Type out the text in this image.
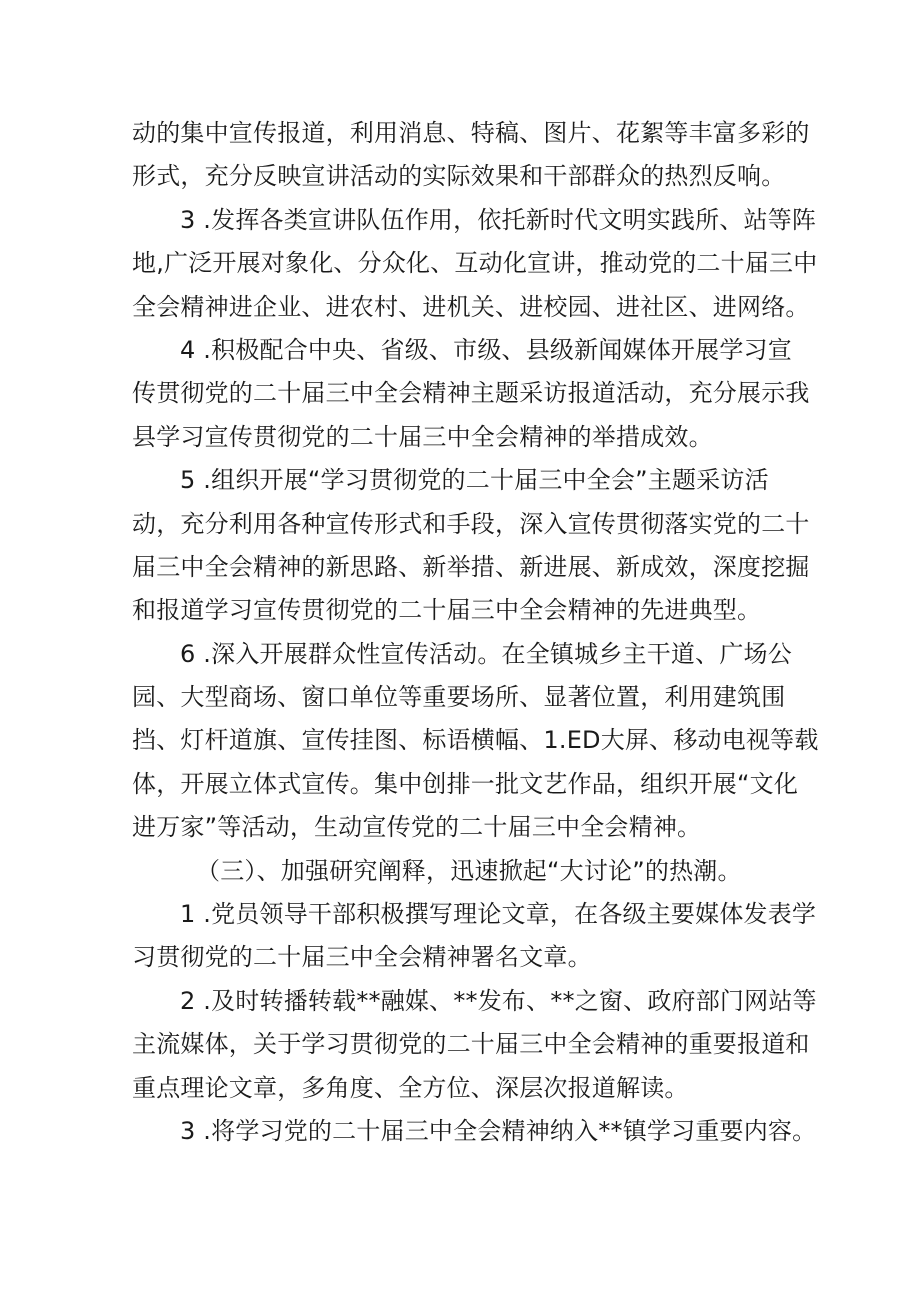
动的集中宣传报道，利用消息、特稿、图片、花絮等丰富多彩的
形式，充分反映宣讲活动的实际效果和干部群众的热烈反响。
3 .发挥各类宣讲队伍作用，依托新时代文明实践所、站等阵
地,广泛开展对象化、分众化、互动化宣讲，推动党的二十届三中
全会精神进企业、进农村、进机关、进校园、进社区、进网络。
4 .积极配合中央、省级、市级、县级新闻媒体开展学习宣
传贯彻党的二十届三中全会精神主题采访报道活动，充分展示我
县学习宣传贯彻党的二十届三中全会精神的举措成效。
5 .组织开展“学习贯彻党的二十届三中全会”主题采访活
动，充分利用各种宣传形式和手段，深入宣传贯彻落实党的二十
届三中全会精神的新思路、新举措、新进展、新成效，深度挖掘
和报道学习宣传贯彻党的二十届三中全会精神的先进典型。
6 .深入开展群众性宣传活动。在全镇城乡主干道、广场公
园、大型商场、窗口单位等重要场所、显著位置，利用建筑围
挡、灯杆道旗、宣传挂图、标语横幅、1.ED大屏、移动电视等载
体，开展立体式宣传。集中创排一批文艺作品，组织开展“文化
进万家”等活动，生动宣传党的二十届三中全会精神。
（三）、加强研究阐释，迅速掀起“大讨论”的热潮。
1 .党员领导干部积极撰写理论文章，在各级主要媒体发表学
习贯彻党的二十届三中全会精神署名文章。
2 .及时转播转载**融媒、**发布、**之窗、政府部门网站等
主流媒体，关于学习贯彻党的二十届三中全会精神的重要报道和
重点理论文章，多角度、全方位、深层次报道解读。
3 .将学习党的二十届三中全会精神纳入**镇学习重要内容。
